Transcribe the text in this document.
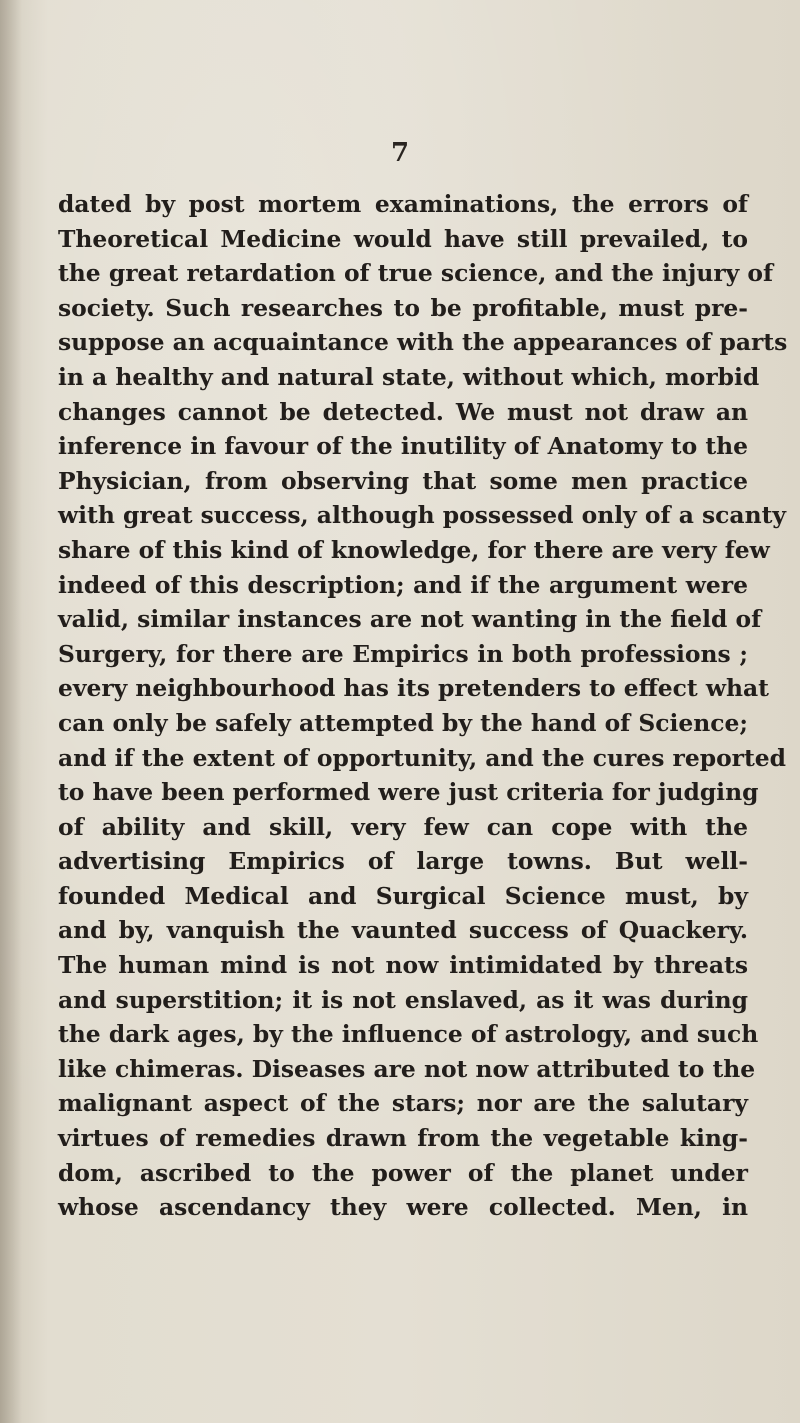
7
dated by post mortem examinations, the errors of
Theoretical Medicine would have still prevailed, to
the great retardation of true science, and the injury of
society. Such researches to be profitable, must pre-
suppose an acquaintance with the appearances of parts
in a healthy and natural state, without which, morbid
changes cannot be detected. We must not draw an
inference in favour of the inutility of Anatomy to the
Physician, from observing that some men practice
with great success, although possessed only of a scanty
share of this kind of knowledge, for there are very few
indeed of this description; and if the argument were
valid, similar instances are not wanting in the field of
Surgery, for there are Empirics in both professions ;
every neighbourhood has its pretenders to effect what
can only be safely attempted by the hand of Science;
and if the extent of opportunity, and the cures reported
to have been performed were just criteria for judging
of ability and skill, very few can cope with the
advertising Empirics of large towns. But well-
founded Medical and Surgical Science must, by
and by, vanquish the vaunted success of Quackery.
The human mind is not now intimidated by threats
and superstition; it is not enslaved, as it was during
the dark ages, by the influence of astrology, and such
like chimeras. Diseases are not now attributed to the
malignant aspect of the stars; nor are the salutary
virtues of remedies drawn from the vegetable king-
dom, ascribed to the power of the planet under
whose ascendancy they were collected. Men, in
